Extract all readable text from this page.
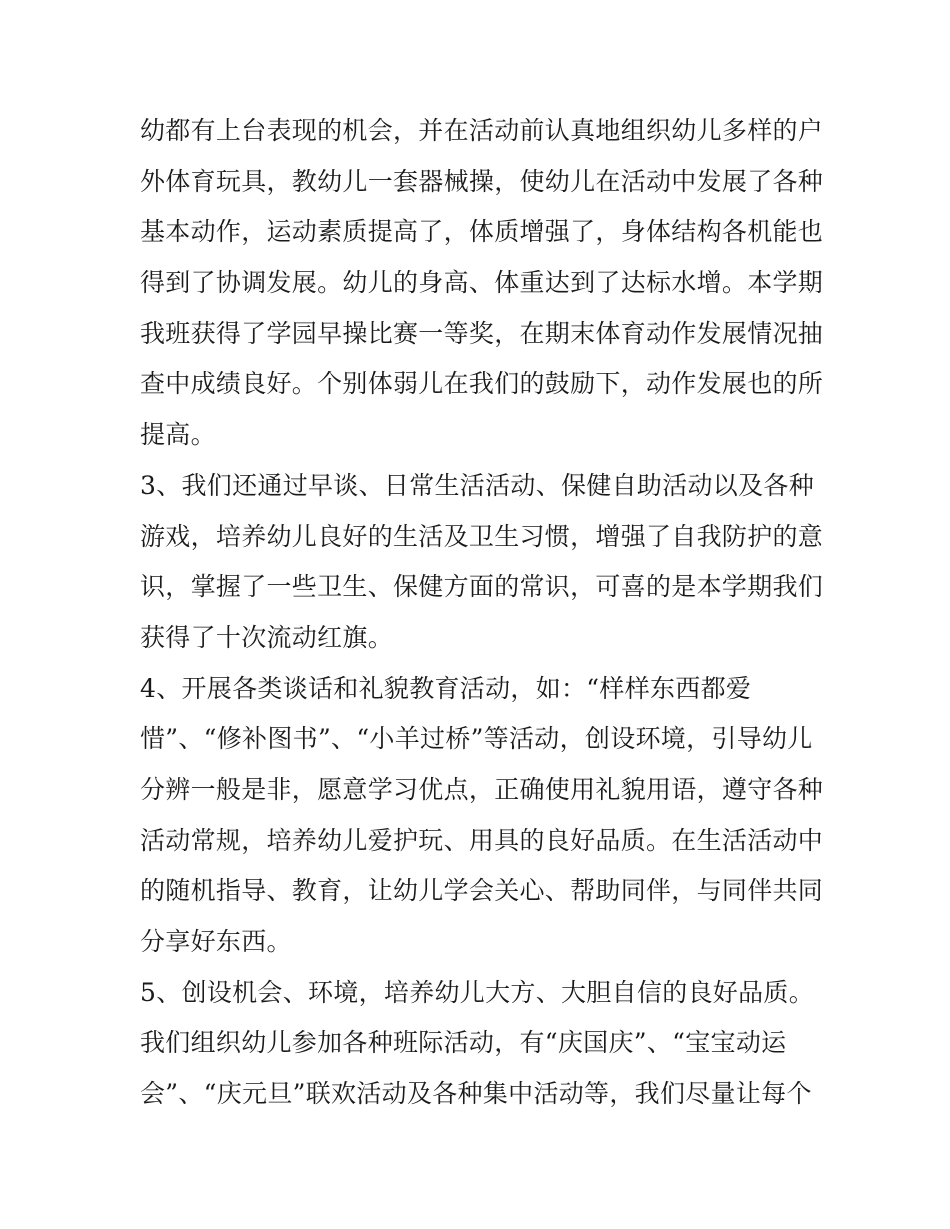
幼都有上台表现的机会，并在活动前认真地组织幼儿多样的户
外体育玩具，教幼儿一套器械操，使幼儿在活动中发展了各种
基本动作，运动素质提高了，体质增强了，身体结构各机能也
得到了协调发展。幼儿的身高、体重达到了达标水增。本学期
我班获得了学园早操比赛一等奖，在期末体育动作发展情况抽
查中成绩良好。个别体弱儿在我们的鼓励下，动作发展也的所
提高。
3、我们还通过早谈、日常生活活动、保健自助活动以及各种
游戏，培养幼儿良好的生活及卫生习惯，增强了自我防护的意
识，掌握了一些卫生、保健方面的常识，可喜的是本学期我们
获得了十次流动红旗。
4、开展各类谈话和礼貌教育活动，如：“样样东西都爱
惜”、“修补图书”、“小羊过桥”等活动，创设环境，引导幼儿
分辨一般是非，愿意学习优点，正确使用礼貌用语，遵守各种
活动常规，培养幼儿爱护玩、用具的良好品质。在生活活动中
的随机指导、教育，让幼儿学会关心、帮助同伴，与同伴共同
分享好东西。
5、创设机会、环境，培养幼儿大方、大胆自信的良好品质。
我们组织幼儿参加各种班际活动，有“庆国庆”、“宝宝动运
会”、“庆元旦”联欢活动及各种集中活动等，我们尽量让每个
